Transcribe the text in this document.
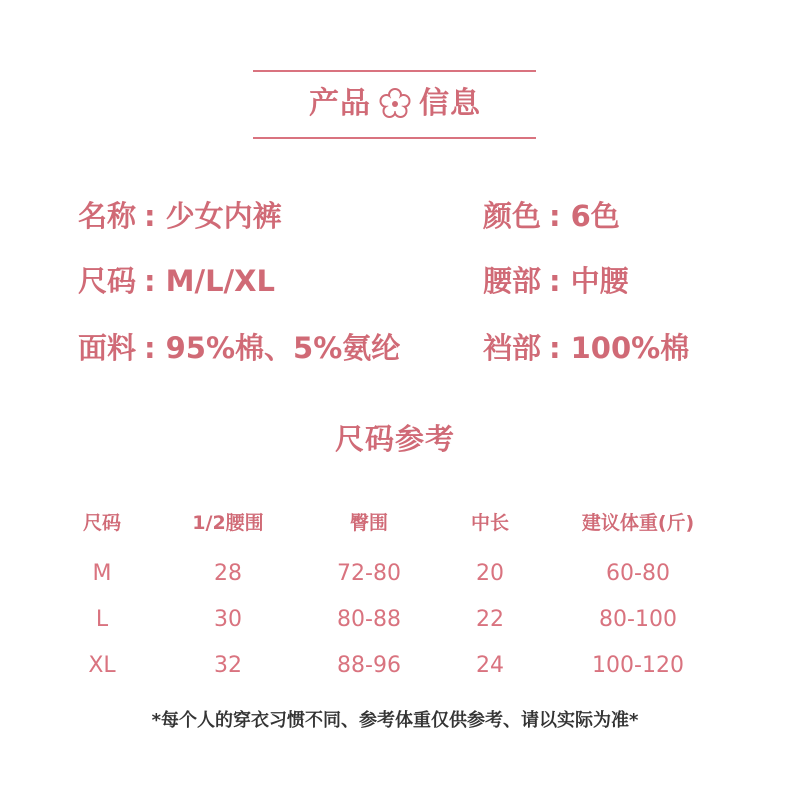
产品 信息
名称 : 少女内裤
尺码 : M/L/XL
面料 : 95%棉、5%氨纶
颜色 : 6色
腰部 : 中腰
裆部 : 100%棉
尺码参考
尺码	1/2腰围	臀围	中长	建议体重(斤)
M	28	72-80	20	60-80
L	30	80-88	22	80-100
XL	32	88-96	24	100-120
*每个人的穿衣习惯不同、参考体重仅供参考、请以实际为准*
